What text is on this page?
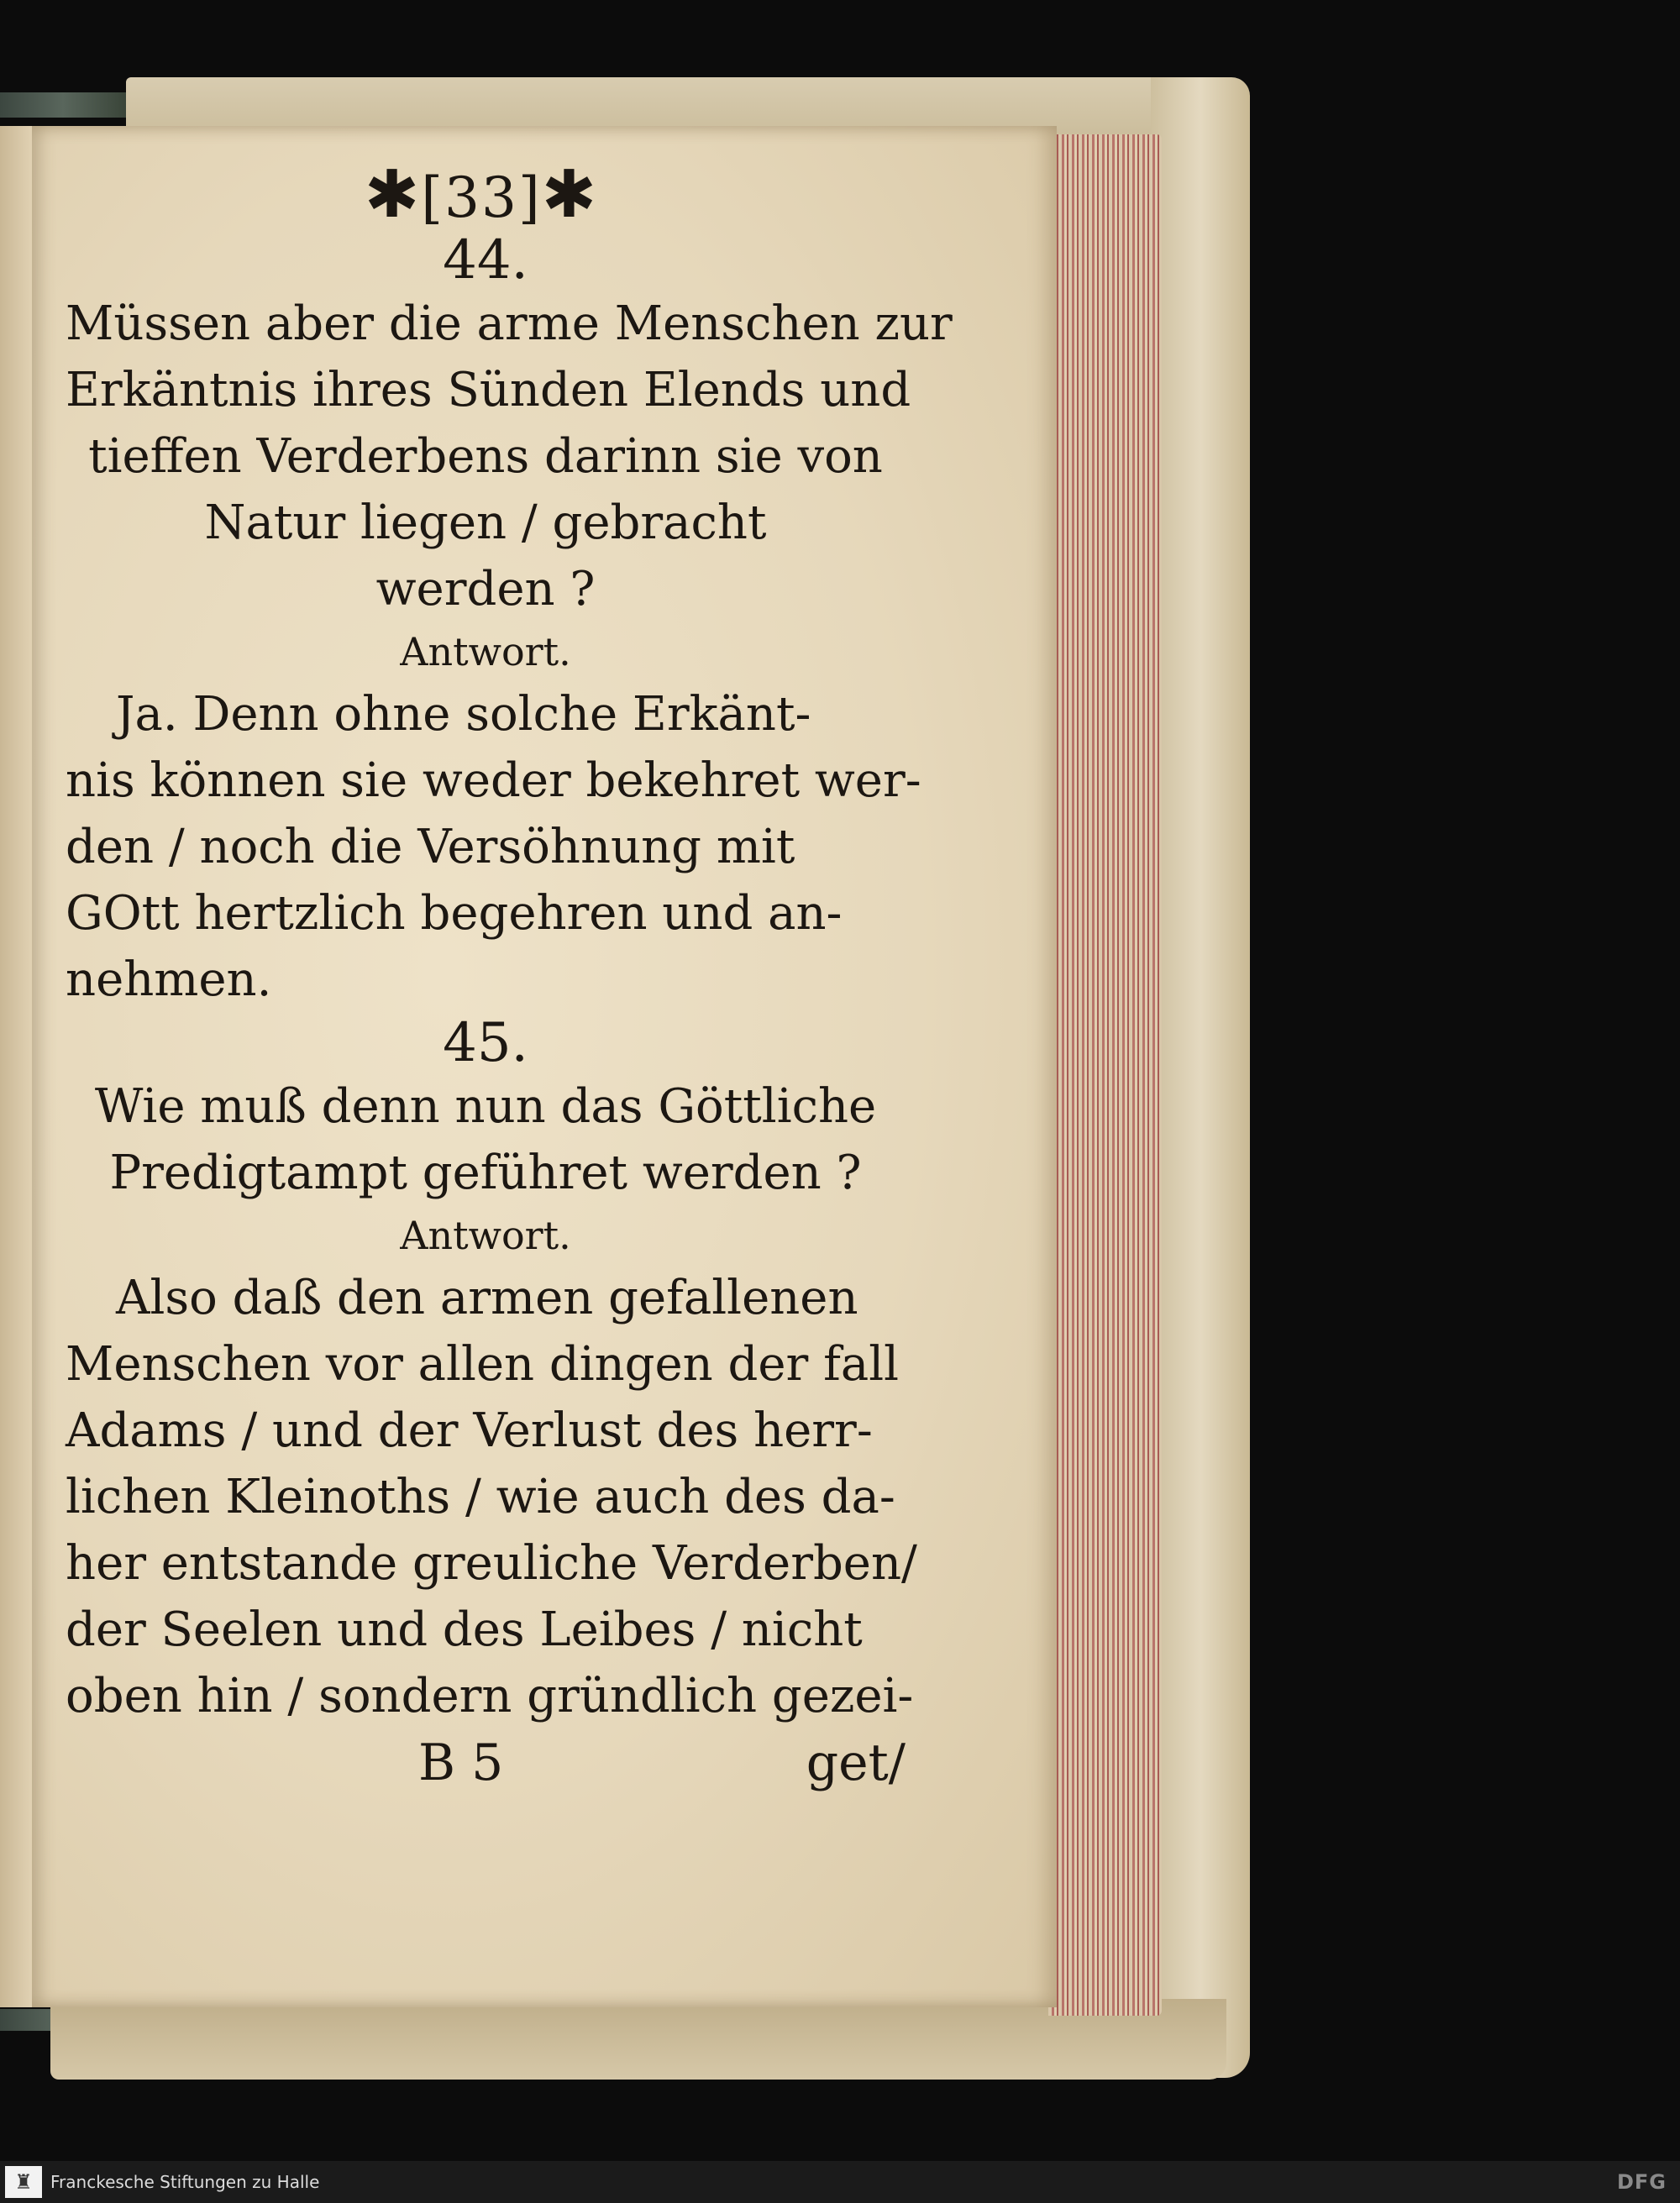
✱[33]✱
44.
Müssen aber die arme Menschen zur
Erkäntnis ihres Sünden Elends und
tieffen Verderbens darinn sie von
Natur liegen / gebracht
werden ?
Antwort.
Ja. Denn ohne solche Erkänt-
nis können sie weder bekehret wer-
den / noch die Versöhnung mit
GOtt hertzlich begehren und an-
nehmen.
45.
Wie muß denn nun das Göttliche
Predigtampt geführet werden ?
Antwort.
Also daß den armen gefallenen
Menschen vor allen dingen der fall
Adams / und der Verlust des herr-
lichen Kleinoths / wie auch des da-
her entstande greuliche Verderben/
der Seelen und des Leibes / nicht
oben hin / sondern gründlich gezei-
B 5	get/
♜	Franckesche Stiftungen zu Halle	DFG
